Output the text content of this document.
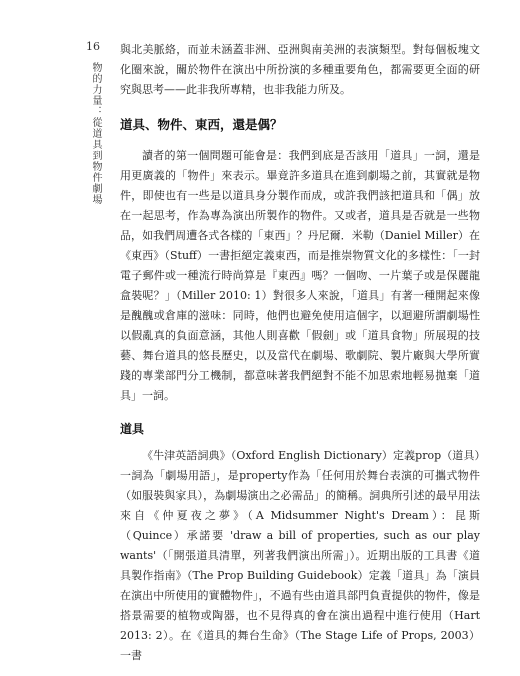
16
物的力量：從道具到物件劇場

與北美脈絡，而並未涵蓋非洲、亞洲與南美洲的表演類型。對每個板塊文化圈來說，關於物件在演出中所扮演的多種重要角色，都需要更全面的研究與思考——此非我所專精，也非我能力所及。

道具、物件、東西，還是偶？

讀者的第一個問題可能會是：我們到底是否該用「道具」一詞，還是用更廣義的「物件」來表示。畢竟許多道具在進到劇場之前，其實就是物件，即使也有一些是以道具身分製作而成，或許我們該把道具和「偶」放在一起思考，作為專為演出所製作的物件。又或者，道具是否就是一些物品，如我們周遭各式各樣的「東西」？丹尼爾．米勒（Daniel Miller）在《東西》（Stuff）一書拒絕定義東西，而是推崇物質文化的多樣性：「一封電子郵件或一種流行時尚算是『東西』嗎？一個吻、一片葉子或是保麗龍盒裝呢？」（Miller 2010: 1）對很多人來說，「道具」有著一種開起來像是醜醜或倉庫的滋味：同時，他們也避免使用這個字，以迴避所謂劇場性以假亂真的負面意涵，其他人則喜歡「假劍」或「道具食物」所展現的技藝、舞台道具的悠長歷史，以及當代在劇場、歌劇院、製片廠與大學所實踐的專業部門分工機制，都意味著我們絕對不能不加思索地輕易拋棄「道具」一詞。

道具

《牛津英語詞典》（Oxford English Dictionary）定義prop（道具）一詞為「劇場用語」，是property作為「任何用於舞台表演的可攜式物件（如服裝與家具），為劇場演出之必需品」的簡稱。詞典所引述的最早用法來自《仲夏夜之夢》（A Midsummer Night's Dream）：昆斯（Quince）承諾要 'draw a bill of properties, such as our play wants'（「開張道具清單，列著我們演出所需」）。近期出版的工具書《道具製作指南》（The Prop Building Guidebook）定義「道具」為「演員在演出中所使用的實體物件」，不過有些由道具部門負責提供的物件，像是搭景需要的植物或陶器，也不見得真的會在演出過程中進行使用（Hart 2013: 2）。在《道具的舞台生命》（The Stage Life of Props, 2003）一書
